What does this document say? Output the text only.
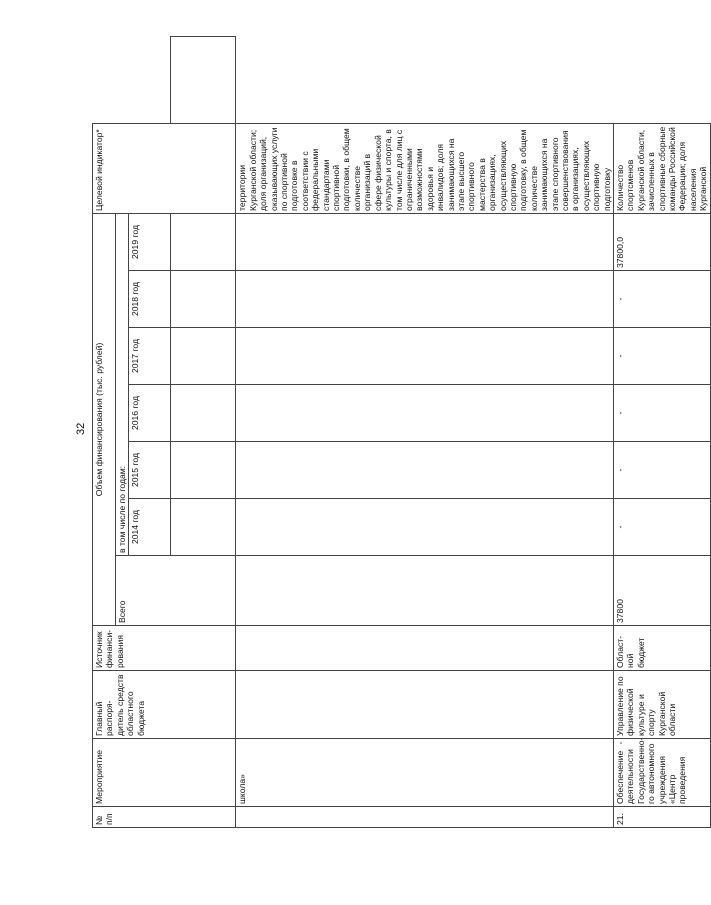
32
№ п/п	Мероприятие	Главный распоря-дитель средств областного бюджета	Источник финанси-рования	Объем финансирования (тыс. рублей)							Целевой индикатор*	
				Всего	в том числе по годам:							
					2014 год	2015 год	2016 год	2017 год	2018 год	2019 год		

	школа»										территории Курганской области; доля организаций, оказывающих услуги по спортивной подготовке в соответствии с федеральными стандартами спортивной подготовки, в общем количестве организаций в сфере физической культуры и спорта, в том числе для лиц с ограниченными возможностями здоровья и инвалидов; доля занимающихся на этапе высшего спортивного мастерства в организациях, осуществляющих спортивную подготовку, в общем количестве занимающихся на этапе спортивного совершенствования в организациях, осуществляющих спортивную подготовку	
21.	Обеспечение деятельности Государственно-го автономного учреждения «Центр проведения	Управление по физической культуре и спорту Курганской области	Област-ной бюджет	37800	-	-	-	-	-	37800,0	Количество спортсменов Курганской области, зачисленных в спортивные сборные команды Российской Федерации; доля населения Курганской	
